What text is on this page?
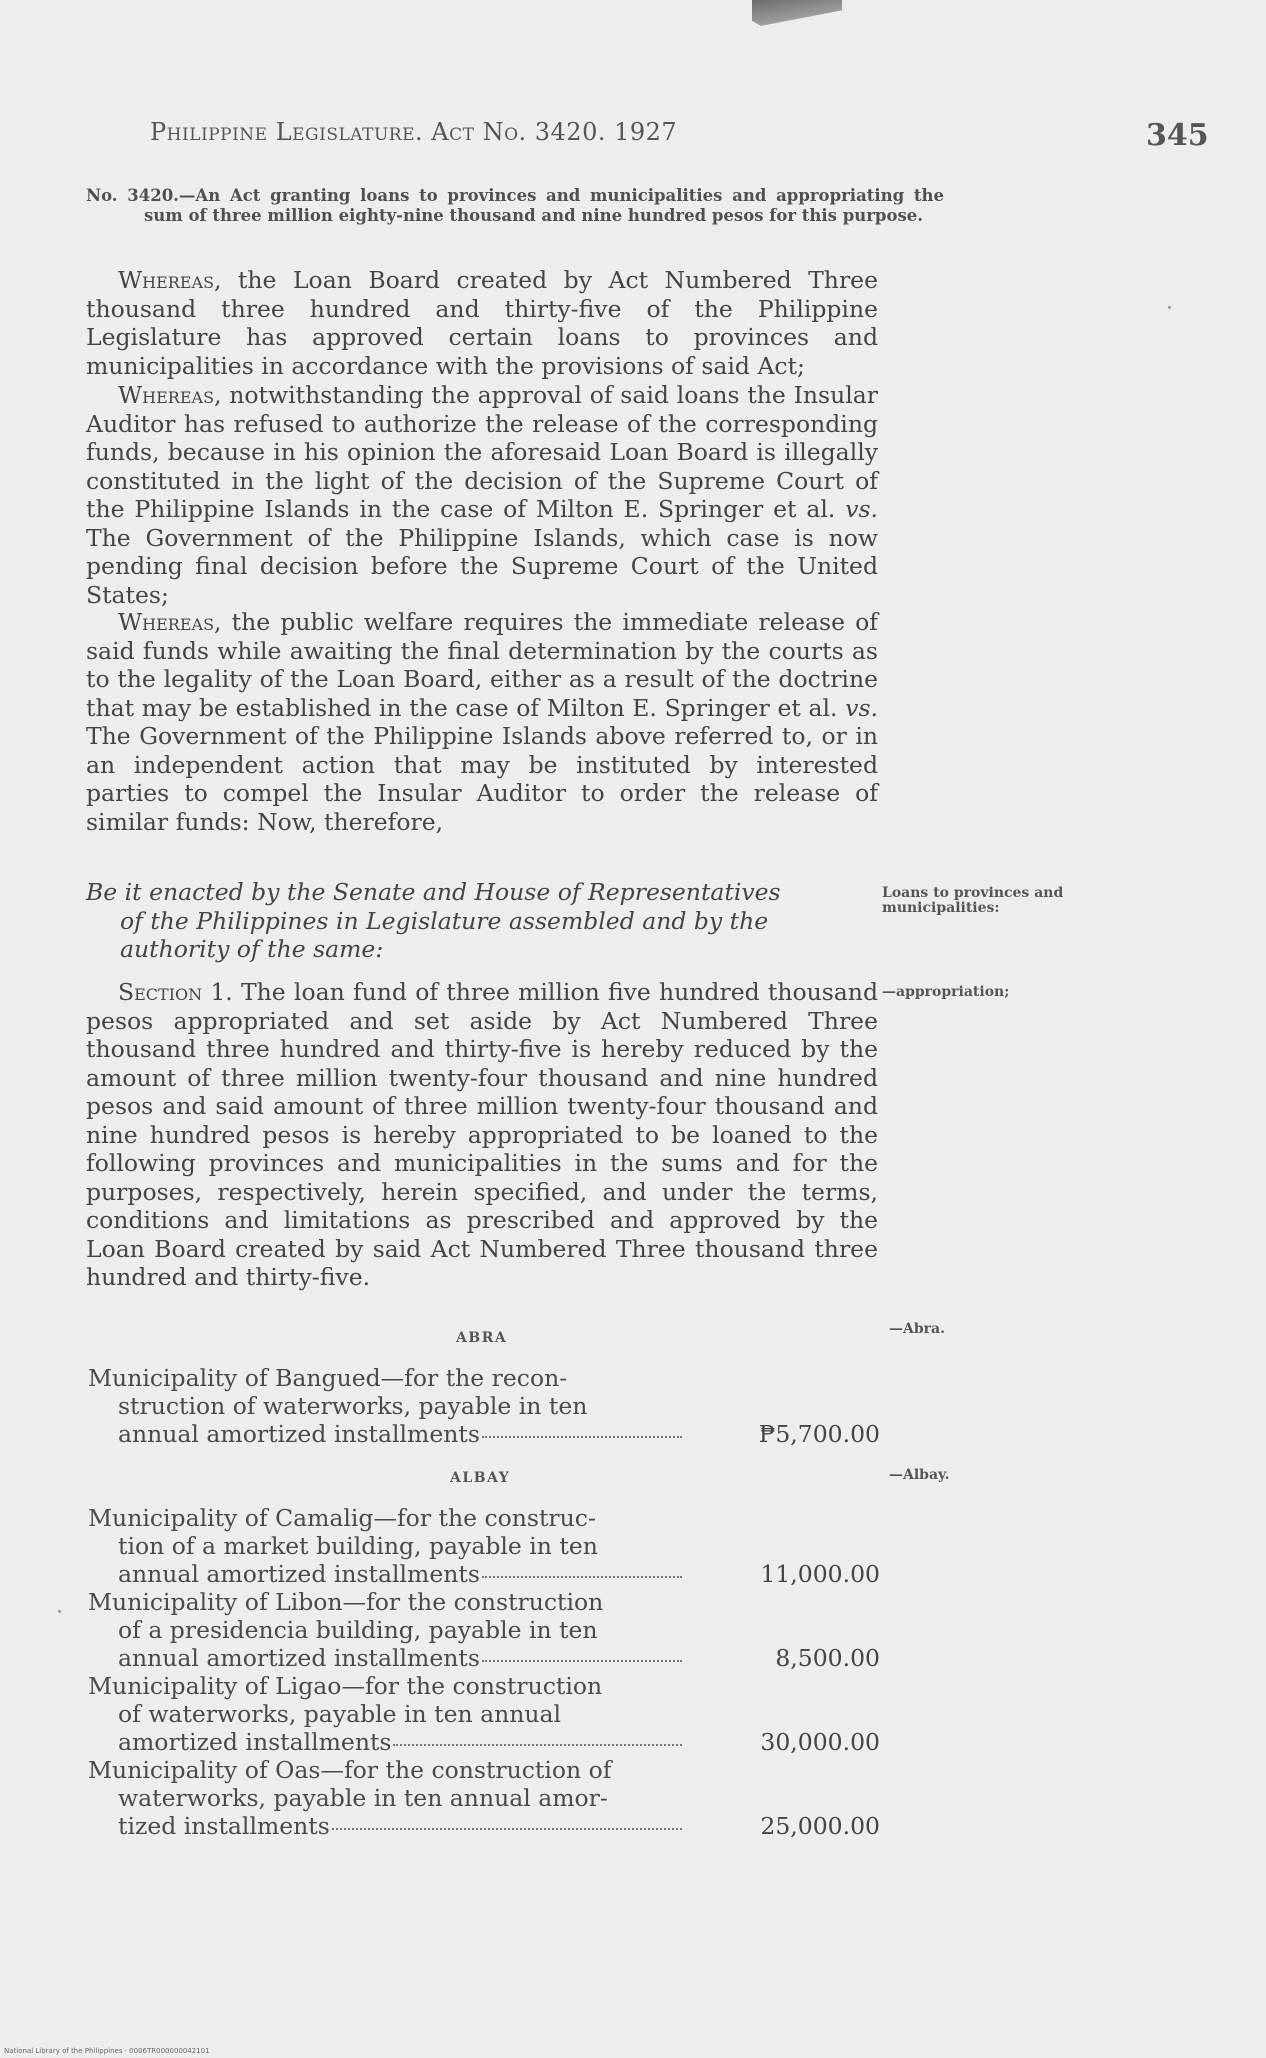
Philippine Legislature. Act No. 3420. 1927	345
No. 3420.—An Act granting loans to provinces and municipalities and appropriating the sum of three million eighty-nine thousand and nine hundred pesos for this purpose.
Whereas, the Loan Board created by Act Numbered Three thousand three hundred and thirty-five of the Philippine Legislature has approved certain loans to provinces and municipalities in accordance with the provisions of said Act;
Whereas, notwithstanding the approval of said loans the Insular Auditor has refused to authorize the release of the corresponding funds, because in his opinion the aforesaid Loan Board is illegally constituted in the light of the decision of the Supreme Court of the Philippine Islands in the case of Milton E. Springer et al. vs. The Government of the Philippine Islands, which case is now pending final decision before the Supreme Court of the United States;
Whereas, the public welfare requires the immediate release of said funds while awaiting the final determination by the courts as to the legality of the Loan Board, either as a result of the doctrine that may be established in the case of Milton E. Springer et al. vs. The Government of the Philippine Islands above referred to, or in an independent action that may be instituted by interested parties to compel the Insular Auditor to order the release of similar funds: Now, therefore,
Be it enacted by the Senate and House of Representatives
of the Philippines in Legislature assembled and by the
authority of the same:
Section 1. The loan fund of three million five hundred thousand pesos appropriated and set aside by Act Numbered Three thousand three hundred and thirty-five is hereby reduced by the amount of three million twenty-four thousand and nine hundred pesos and said amount of three million twenty-four thousand and nine hundred pesos is hereby appropriated to be loaned to the following provinces and municipalities in the sums and for the purposes, respectively, herein specified, and under the terms, conditions and limitations as prescribed and approved by the Loan Board created by said Act Numbered Three thousand three hundred and thirty-five.
Loans to provinces and municipalities:
—appropriation;
—Abra.
—Albay.
ABRA
Municipality of Bangued—for the recon-
struction of waterworks, payable in ten
annual amortized installments	₱5,700.00
ALBAY
Municipality of Camalig—for the construc-
tion of a market building, payable in ten
annual amortized installments	11,000.00
Municipality of Libon—for the construction
of a presidencia building, payable in ten
annual amortized installments	8,500.00
Municipality of Ligao—for the construction
of waterworks, payable in ten annual
amortized installments	30,000.00
Municipality of Oas—for the construction of
waterworks, payable in ten annual amor-
tized installments	25,000.00
National Library of the Philippines · 0006TR000000042101
